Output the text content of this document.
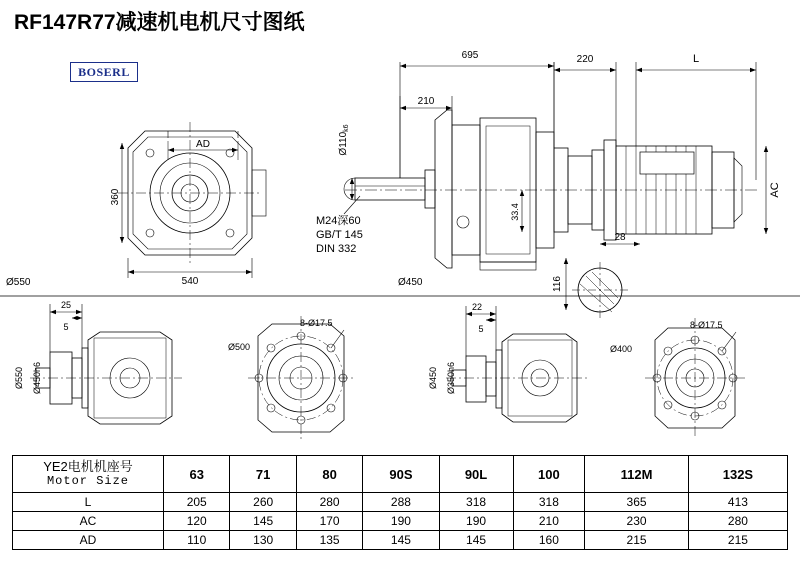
RF147R77减速机电机尺寸图纸
BOSERL
AD
360
540
Ø550	Ø450
695	220	L
210
$Ø110_{k6}$
M24深60
GB/T 145
DIN 332
33.4
AC
28
116
25
5
Ø550 Ø450h6
8-Ø17.5
Ø500
22
5
Ø450 Ø350h6
8-Ø17.5
Ø400
YE2电机机座号
Motor Size	63	71	80	90S	90L	100	112M	132S
L	205	260	280	288	318	318	365	413
AC	120	145	170	190	190	210	230	280
AD	110	130	135	145	145	160	215	215
